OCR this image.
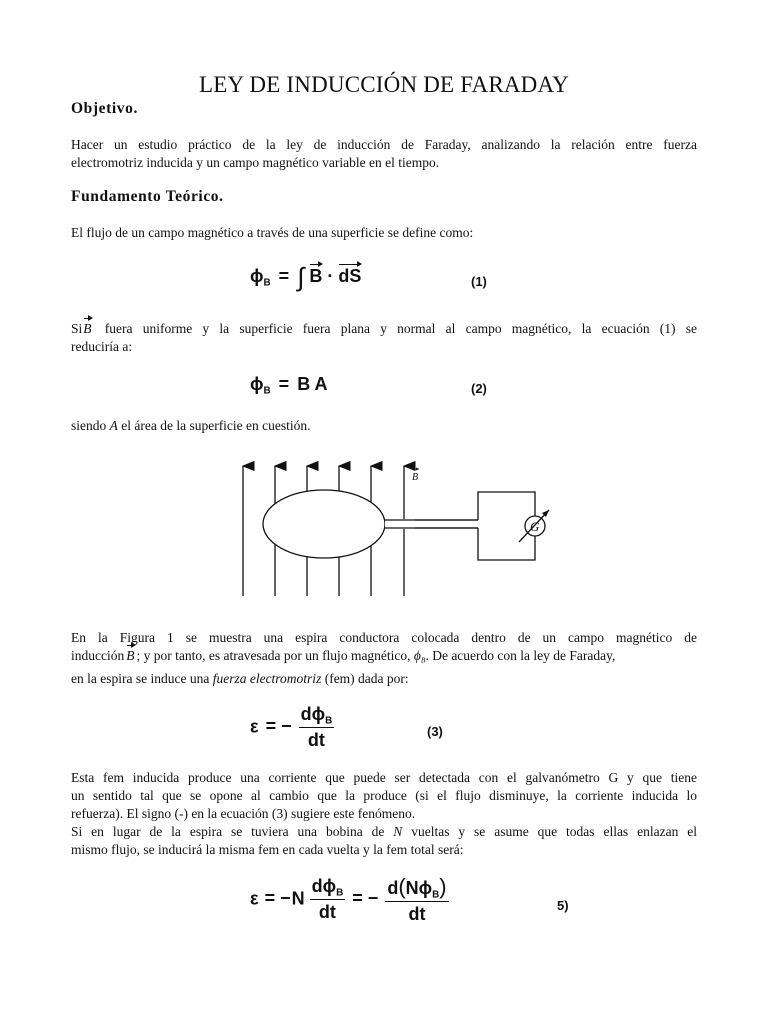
LEY DE INDUCCIÓN DE FARADAY
Objetivo.
Hacer un estudio práctico de la ley de inducción de Faraday, analizando la relación entre fuerza
electromotriz inducida y un campo magnético variable en el tiempo.
Fundamento Teórico.
El flujo de un campo magnético a través de una superficie se define como:
$\phi_B$ = ∫ B · dS	(1)
SiB fuera uniforme y la superficie fuera plana y normal al campo magnético, la ecuación (1) se
reduciría a:
$\phi_B = B$ A	(2)
siendo A el área de la superficie en cuestión.
B
G
En la Figura 1 se muestra una espira conductora colocada dentro de un campo magnético de
inducción B ; y por tanto, es atravesada por un flujo magnético, $\phi_B$. De acuerdo con la ley de Faraday,
en la espira se induce una fuerza electromotriz (fem) dada por:
ε = − $\frac{d\phi_B}{dt}$	(3)
Esta fem inducida produce una corriente que puede ser detectada con el galvanómetro G y que tiene
un sentido tal que se opone al cambio que la produce (si el flujo disminuye, la corriente inducida lo
refuerza). El signo (-) en la ecuación (3) sugiere este fenómeno.
Si en lugar de la espira se tuviera una bobina de N vueltas y se asume que todas ellas enlazan el
mismo flujo, se inducirá la misma fem en cada vuelta y la fem total será:
$\varepsilon = -N \frac{d\phi_B}{dt}$ = − $\frac{d(N\phi_B)}{dt}$	5)
